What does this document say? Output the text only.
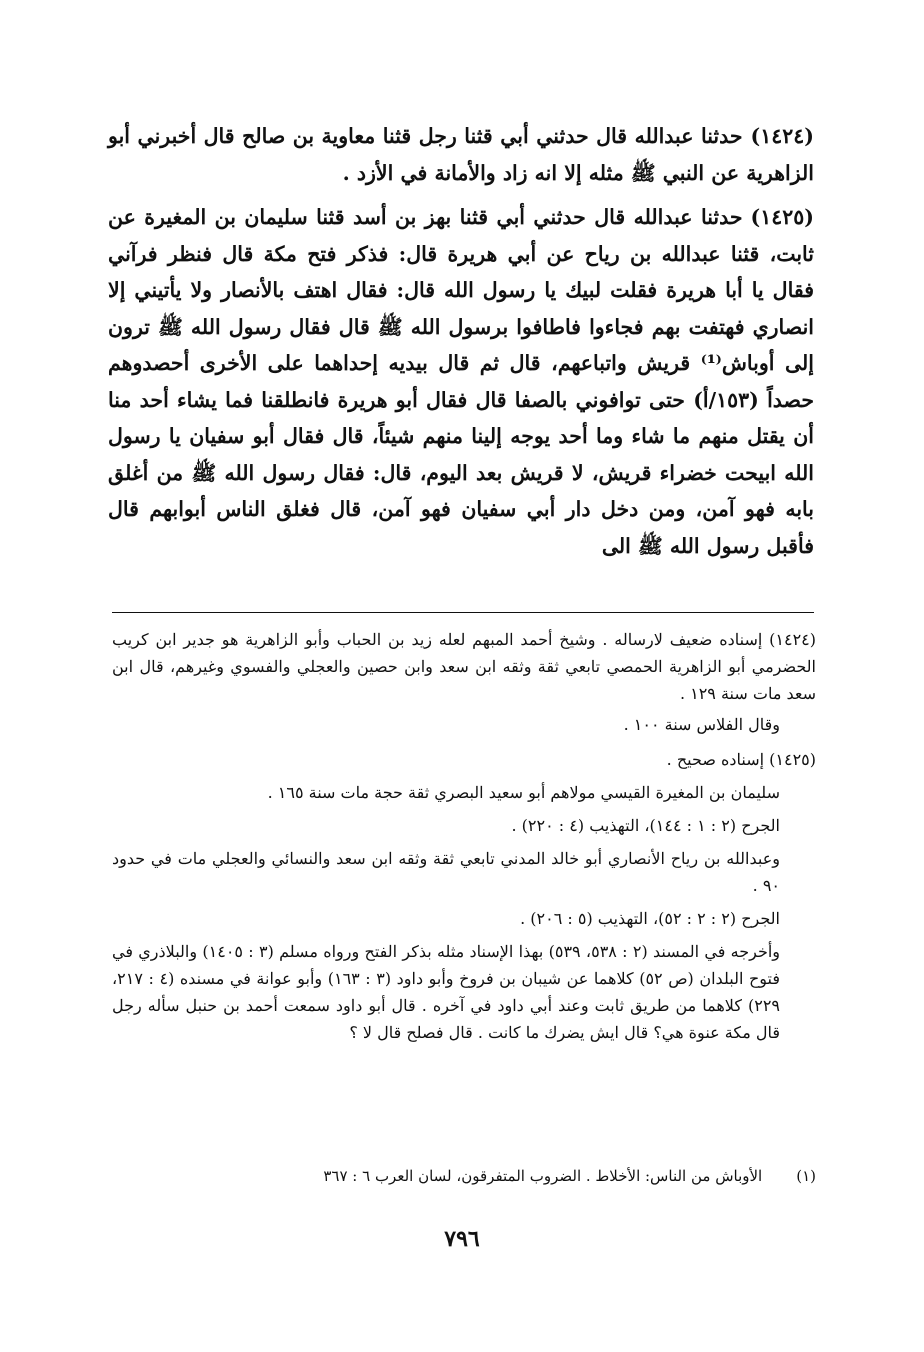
(١٤٢٤)حدثنا عبدالله قال حدثني أبي قثنا رجل قثنا معاوية بن صالح قال أخبرني أبو الزاهرية عن النبي ﷺ مثله إلا انه زاد والأمانة في الأزد .

(١٤٢٥)حدثنا عبدالله قال حدثني أبي قثنا بهز بن أسد قثنا سليمان بن المغيرة عن ثابت، قثنا عبدالله بن رياح عن أبي هريرة قال: فذكر فتح مكة قال فنظر فرآني فقال يا أبا هريرة فقلت لبيك يا رسول الله قال: فقال اهتف بالأنصار ولا يأتيني إلا انصاري فهتفت بهم فجاءوا فاطافوا برسول الله ﷺ قال فقال رسول الله ﷺ ترون إلى أوباش⁽¹⁾ قريش واتباعهم، قال ثم قال بيديه إحداهما على الأخرى أحصدوهم حصداً (١٥٣/أ) حتى توافوني بالصفا قال فقال أبو هريرة فانطلقنا فما يشاء أحد منا أن يقتل منهم ما شاء وما أحد يوجه إلينا منهم شيئاً، قال فقال أبو سفيان يا رسول الله ابيحت خضراء قريش، لا قريش بعد اليوم، قال: فقال رسول الله ﷺ من أغلق بابه فهو آمن، ومن دخل دار أبي سفيان فهو آمن، قال فغلق الناس أبوابهم قال فأقبل رسول الله ﷺ الى

(١٤٢٤) إسناده ضعيف لارساله . وشيخ أحمد المبهم لعله زيد بن الحباب وأبو الزاهرية هو جدير ابن كريب الحضرمي أبو الزاهرية الحمصي تابعي ثقة وثقه ابن سعد وابن حصين والعجلي والفسوي وغيرهم، قال ابن سعد مات سنة ١٢٩ .

وقال الفلاس سنة ١٠٠ .

(١٤٢٥) إسناده صحيح .

سليمان بن المغيرة القيسي مولاهم أبو سعيد البصري ثقة حجة مات سنة ١٦٥ .

الجرح (٢ : ١ : ١٤٤)، التهذيب (٤ : ٢٢٠) .

وعبدالله بن رياح الأنصاري أبو خالد المدني تابعي ثقة وثقه ابن سعد والنسائي والعجلي مات في حدود ٩٠ .

الجرح (٢ : ٢ : ٥٢)، التهذيب (٥ : ٢٠٦) .

وأخرجه في المسند (٢ : ٥٣٨، ٥٣٩) بهذا الإسناد مثله بذكر الفتح ورواه مسلم (٣ : ١٤٠٥) والبلاذري في فتوح البلدان (ص ٥٢) كلاهما عن شيبان بن فروخ وأبو داود (٣ : ١٦٣) وأبو عوانة في مسنده (٤ : ٢١٧، ٢٢٩) كلاهما من طريق ثابت وعند أبي داود في آخره . قال أبو داود سمعت أحمد بن حنبل سأله رجل قال مكة عنوة هي؟ قال ايش يضرك ما كانت . قال فصلح قال لا ؟

(١)
الأوباش من الناس: الأخلاط . الضروب المتفرقون، لسان العرب ٦ : ٣٦٧
٧٩٦
